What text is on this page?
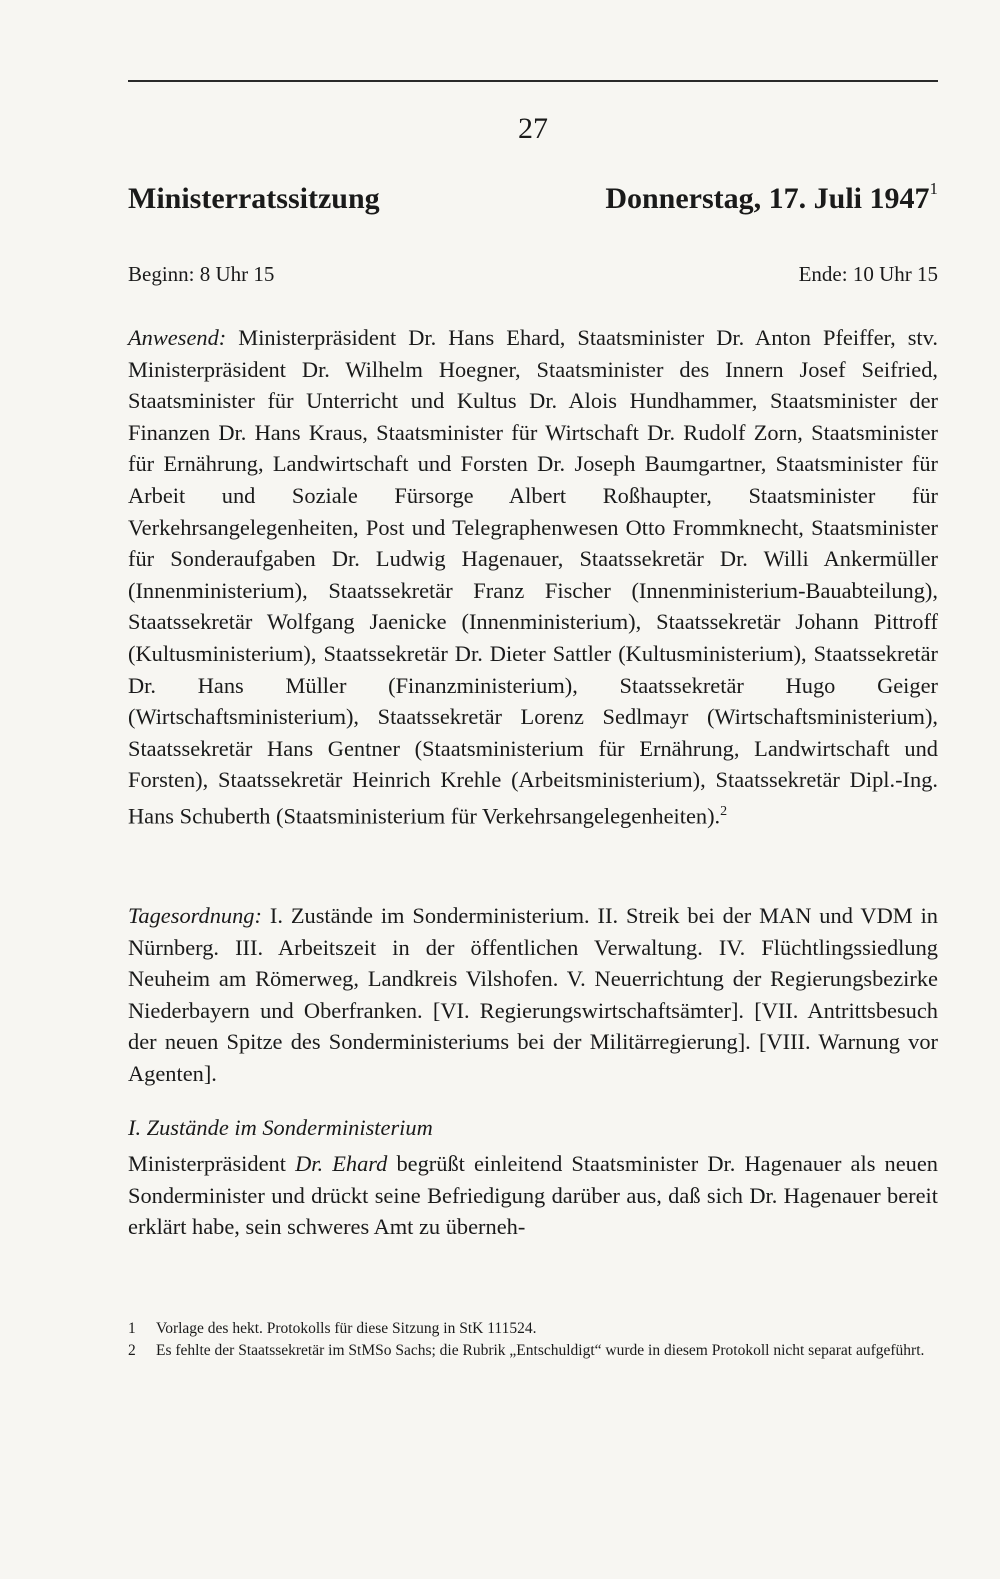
27
Ministerratssitzung	Donnerstag, 17. Juli 1947$^1$
Beginn: 8 Uhr 15	Ende: 10 Uhr 15
Anwesend: Ministerpräsident Dr. Hans Ehard, Staatsminister Dr. Anton Pfeiffer, stv. Ministerpräsident Dr. Wilhelm Hoegner, Staatsminister des Innern Josef Seifried, Staatsminister für Unterricht und Kultus Dr. Alois Hundhammer, Staatsminister der Finanzen Dr. Hans Kraus, Staatsminister für Wirtschaft Dr. Rudolf Zorn, Staatsminister für Ernährung, Landwirtschaft und Forsten Dr. Joseph Baumgartner, Staatsminister für Arbeit und Soziale Fürsorge Albert Roßhaupter, Staatsminister für Verkehrsangelegenheiten, Post und Telegraphenwesen Otto Frommknecht, Staatsminister für Sonderaufgaben Dr. Ludwig Hagenauer, Staatssekretär Dr. Willi Ankermüller (Innenministerium), Staatssekretär Franz Fischer (Innenministerium-Bauabteilung), Staatssekretär Wolfgang Jaenicke (Innenministerium), Staatssekretär Johann Pittroff (Kultusministerium), Staatssekretär Dr. Dieter Sattler (Kultusministerium), Staatssekretär Dr. Hans Müller (Finanzministerium), Staatssekretär Hugo Geiger (Wirtschaftsministerium), Staatssekretär Lorenz Sedlmayr (Wirtschaftsministerium), Staatssekretär Hans Gentner (Staatsministerium für Ernährung, Landwirtschaft und Forsten), Staatssekretär Heinrich Krehle (Arbeitsministerium), Staatssekretär Dipl.-Ing. Hans Schuberth (Staatsministerium für Verkehrsangelegenheiten).$^2$
Tagesordnung: I. Zustände im Sonderministerium. II. Streik bei der MAN und VDM in Nürnberg. III. Arbeitszeit in der öffentlichen Verwaltung. IV. Flüchtlingssiedlung Neuheim am Römerweg, Landkreis Vilshofen. V. Neuerrichtung der Regierungsbezirke Niederbayern und Oberfranken. [VI. Regierungswirtschaftsämter]. [VII. Antrittsbesuch der neuen Spitze des Sonderministeriums bei der Militärregierung]. [VIII. Warnung vor Agenten].
I. Zustände im Sonderministerium
Ministerpräsident Dr. Ehard begrüßt einleitend Staatsminister Dr. Hagenauer als neuen Sonderminister und drückt seine Befriedigung darüber aus, daß sich Dr. Hagenauer bereit erklärt habe, sein schweres Amt zu überneh-
1	Vorlage des hekt. Protokolls für diese Sitzung in StK 111524.
2	Es fehlte der Staatssekretär im StMSo Sachs; die Rubrik „Entschuldigt“ wurde in diesem Protokoll nicht separat aufgeführt.
